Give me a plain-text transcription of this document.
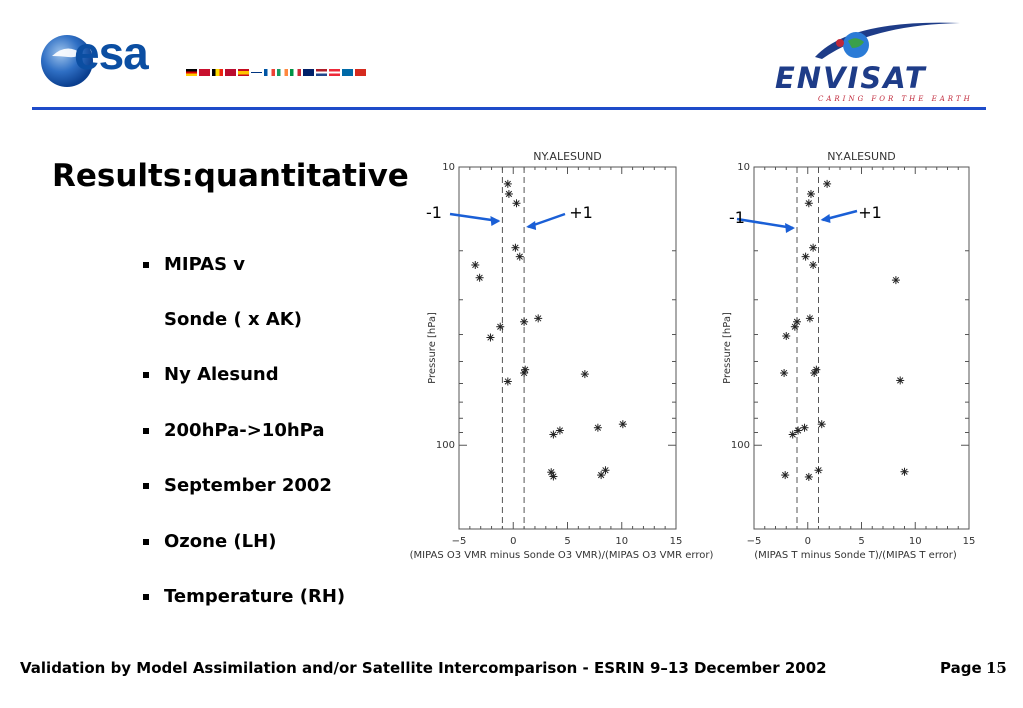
esa	ENVISAT
CARING FOR THE EARTH
Results:quantitative
MIPAS v
Sonde ( x AK)
Ny Alesund
200hPa->10hPa
September 2002
Ozone (LH)
Temperature (RH)
NY.ALESUND
−5	0	5	10	15
10
100
(MIPAS O3 VMR minus Sonde O3 VMR)/(MIPAS O3 VMR error)
Pressure [hPa]
-1	+1
NY.ALESUND
−5	0	5	10	15
10
100
(MIPAS T minus Sonde T)/(MIPAS T error)
Pressure [hPa]
-1	+1
Validation by Model Assimilation and/or Satellite Intercomparison - ESRIN 9–13 December 2002	Page 15
